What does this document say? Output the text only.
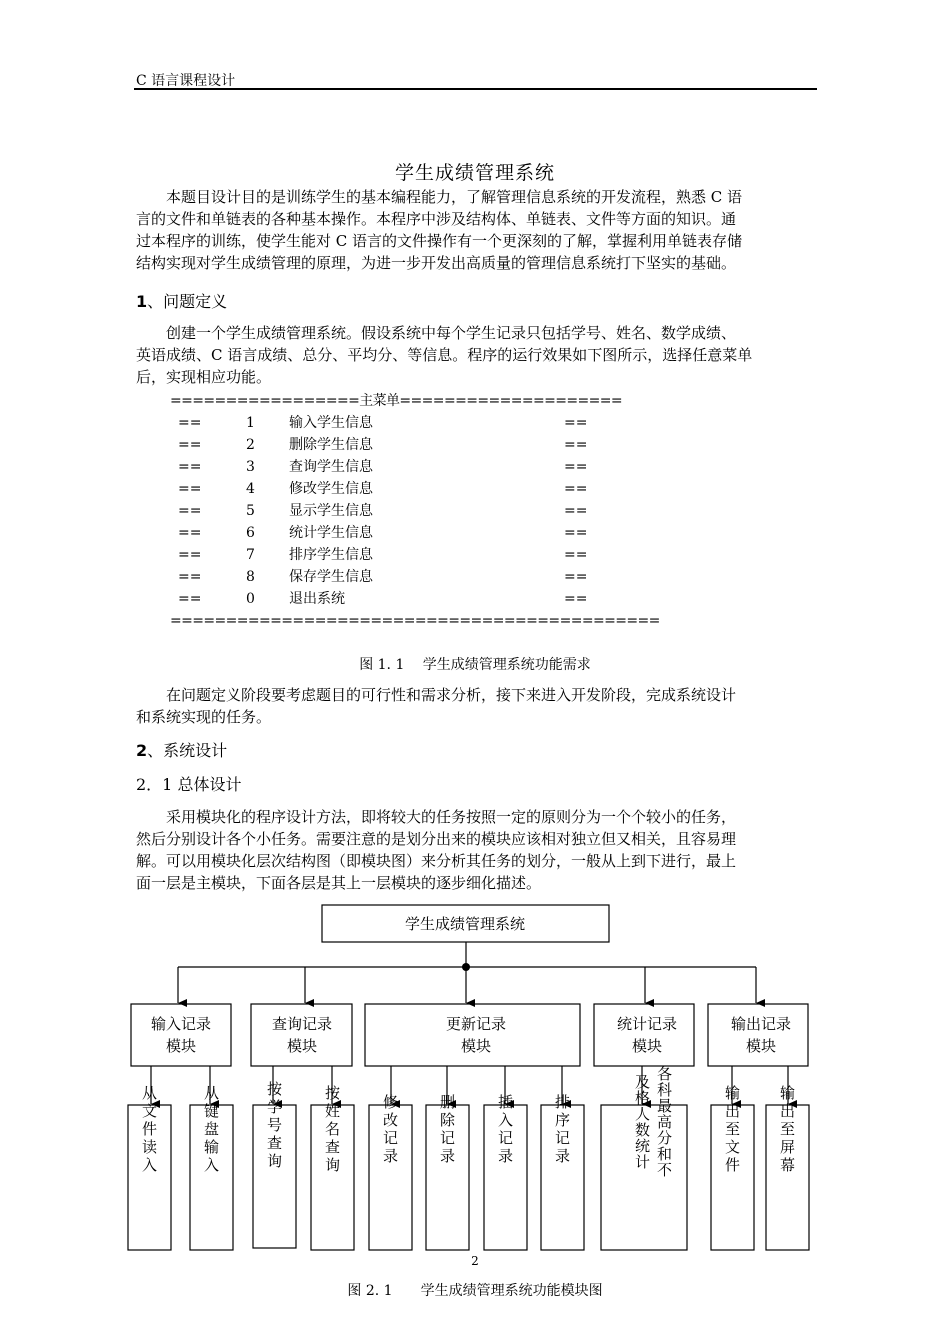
C 语言课程设计
学生成绩管理系统
本题目设计目的是训练学生的基本编程能力，了解管理信息系统的开发流程，熟悉 C 语
言的文件和单链表的各种基本操作。本程序中涉及结构体、单链表、文件等方面的知识。通
过本程序的训练，使学生能对 C 语言的文件操作有一个更深刻的了解，掌握利用单链表存储
结构实现对学生成绩管理的原理，为进一步开发出高质量的管理信息系统打下坚实的基础。
1、问题定义
创建一个学生成绩管理系统。假设系统中每个学生记录只包括学号、姓名、数学成绩、
英语成绩、C 语言成绩、总分、平均分、等信息。程序的运行效果如下图所示，选择任意菜单
后，实现相应功能。
=================主菜单====================
==	1 输入学生信息	==
==	2 删除学生信息	==
==	3 查询学生信息	==
==	4 修改学生信息	==
==	5 显示学生信息	==
==	6 统计学生信息	==
==	7 排序学生信息	==
==	8 保存学生信息	==
==	0 退出系统	==
============================================
图 1. 1　 学生成绩管理系统功能需求
在问题定义阶段要考虑题目的可行性和需求分析，接下来进入开发阶段，完成系统设计
和系统实现的任务。
2、系统设计
2．1 总体设计
采用模块化的程序设计方法，即将较大的任务按照一定的原则分为一个个较小的任务，
然后分别设计各个小任务。需要注意的是划分出来的模块应该相对独立但又相关，且容易理
解。可以用模块化层次结构图（即模块图）来分析其任务的划分，一般从上到下进行，最上
面一层是主模块，下面各层是其上一层模块的逐步细化描述。
学生成绩管理系统
输入记录
模块
查询记录
模块
更新记录
模块
统计记录
模块
输出记录
模块
从文件读入	从键盘输入	按学号查询	按姓名查询	修改记录	删除记录	插入记录	排序记录	各科最高分和不
及格人数统计	输出至文件 输出至屏幕
2
图 2. 1　　学生成绩管理系统功能模块图
